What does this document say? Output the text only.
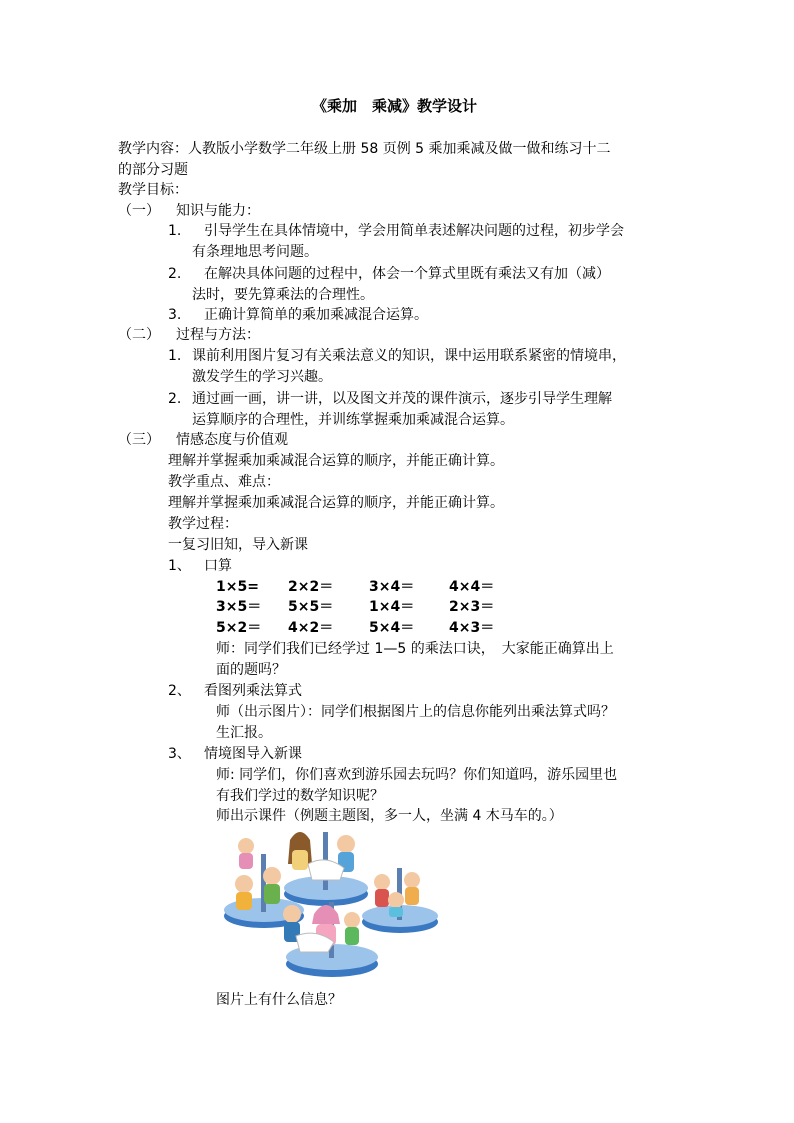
《乘加　乘减》教学设计
教学内容：人教版小学数学二年级上册 58 页例 5 乘加乘减及做一做和练习十二
的部分习题
教学目标：
（一） 知识与能力：
1. 引导学生在具体情境中，学会用简单表述解决问题的过程，初步学会
有条理地思考问题。
2. 在解决具体问题的过程中，体会一个算式里既有乘法又有加（减）
法时，要先算乘法的合理性。
3. 正确计算简单的乘加乘减混合运算。
（二） 过程与方法：
1. 课前利用图片复习有关乘法意义的知识，课中运用联系紧密的情境串，
激发学生的学习兴趣。
2. 通过画一画，讲一讲，以及图文并茂的课件演示，逐步引导学生理解
运算顺序的合理性，并训练掌握乘加乘减混合运算。
（三） 情感态度与价值观
理解并掌握乘加乘减混合运算的顺序，并能正确计算。
教学重点、难点：
理解并掌握乘加乘减混合运算的顺序，并能正确计算。
教学过程：
一复习旧知，导入新课
1、 口算
1×5= 2×2＝	3×4＝ 4×4＝
3×5＝ 5×5＝	1×4＝ 2×3＝
5×2＝ 4×2＝	5×4＝ 4×3＝
师：同学们我们已经学过 1—5 的乘法口诀，　大家能正确算出上
面的题吗？
2、 看图列乘法算式
师（出示图片）：同学们根据图片上的信息你能列出乘法算式吗？
生汇报。
3、 情境图导入新课
师: 同学们，你们喜欢到游乐园去玩吗？你们知道吗，游乐园里也
有我们学过的数学知识呢？
师出示课件（例题主题图，多一人，坐满 4 木马车的。）
图片上有什么信息？
